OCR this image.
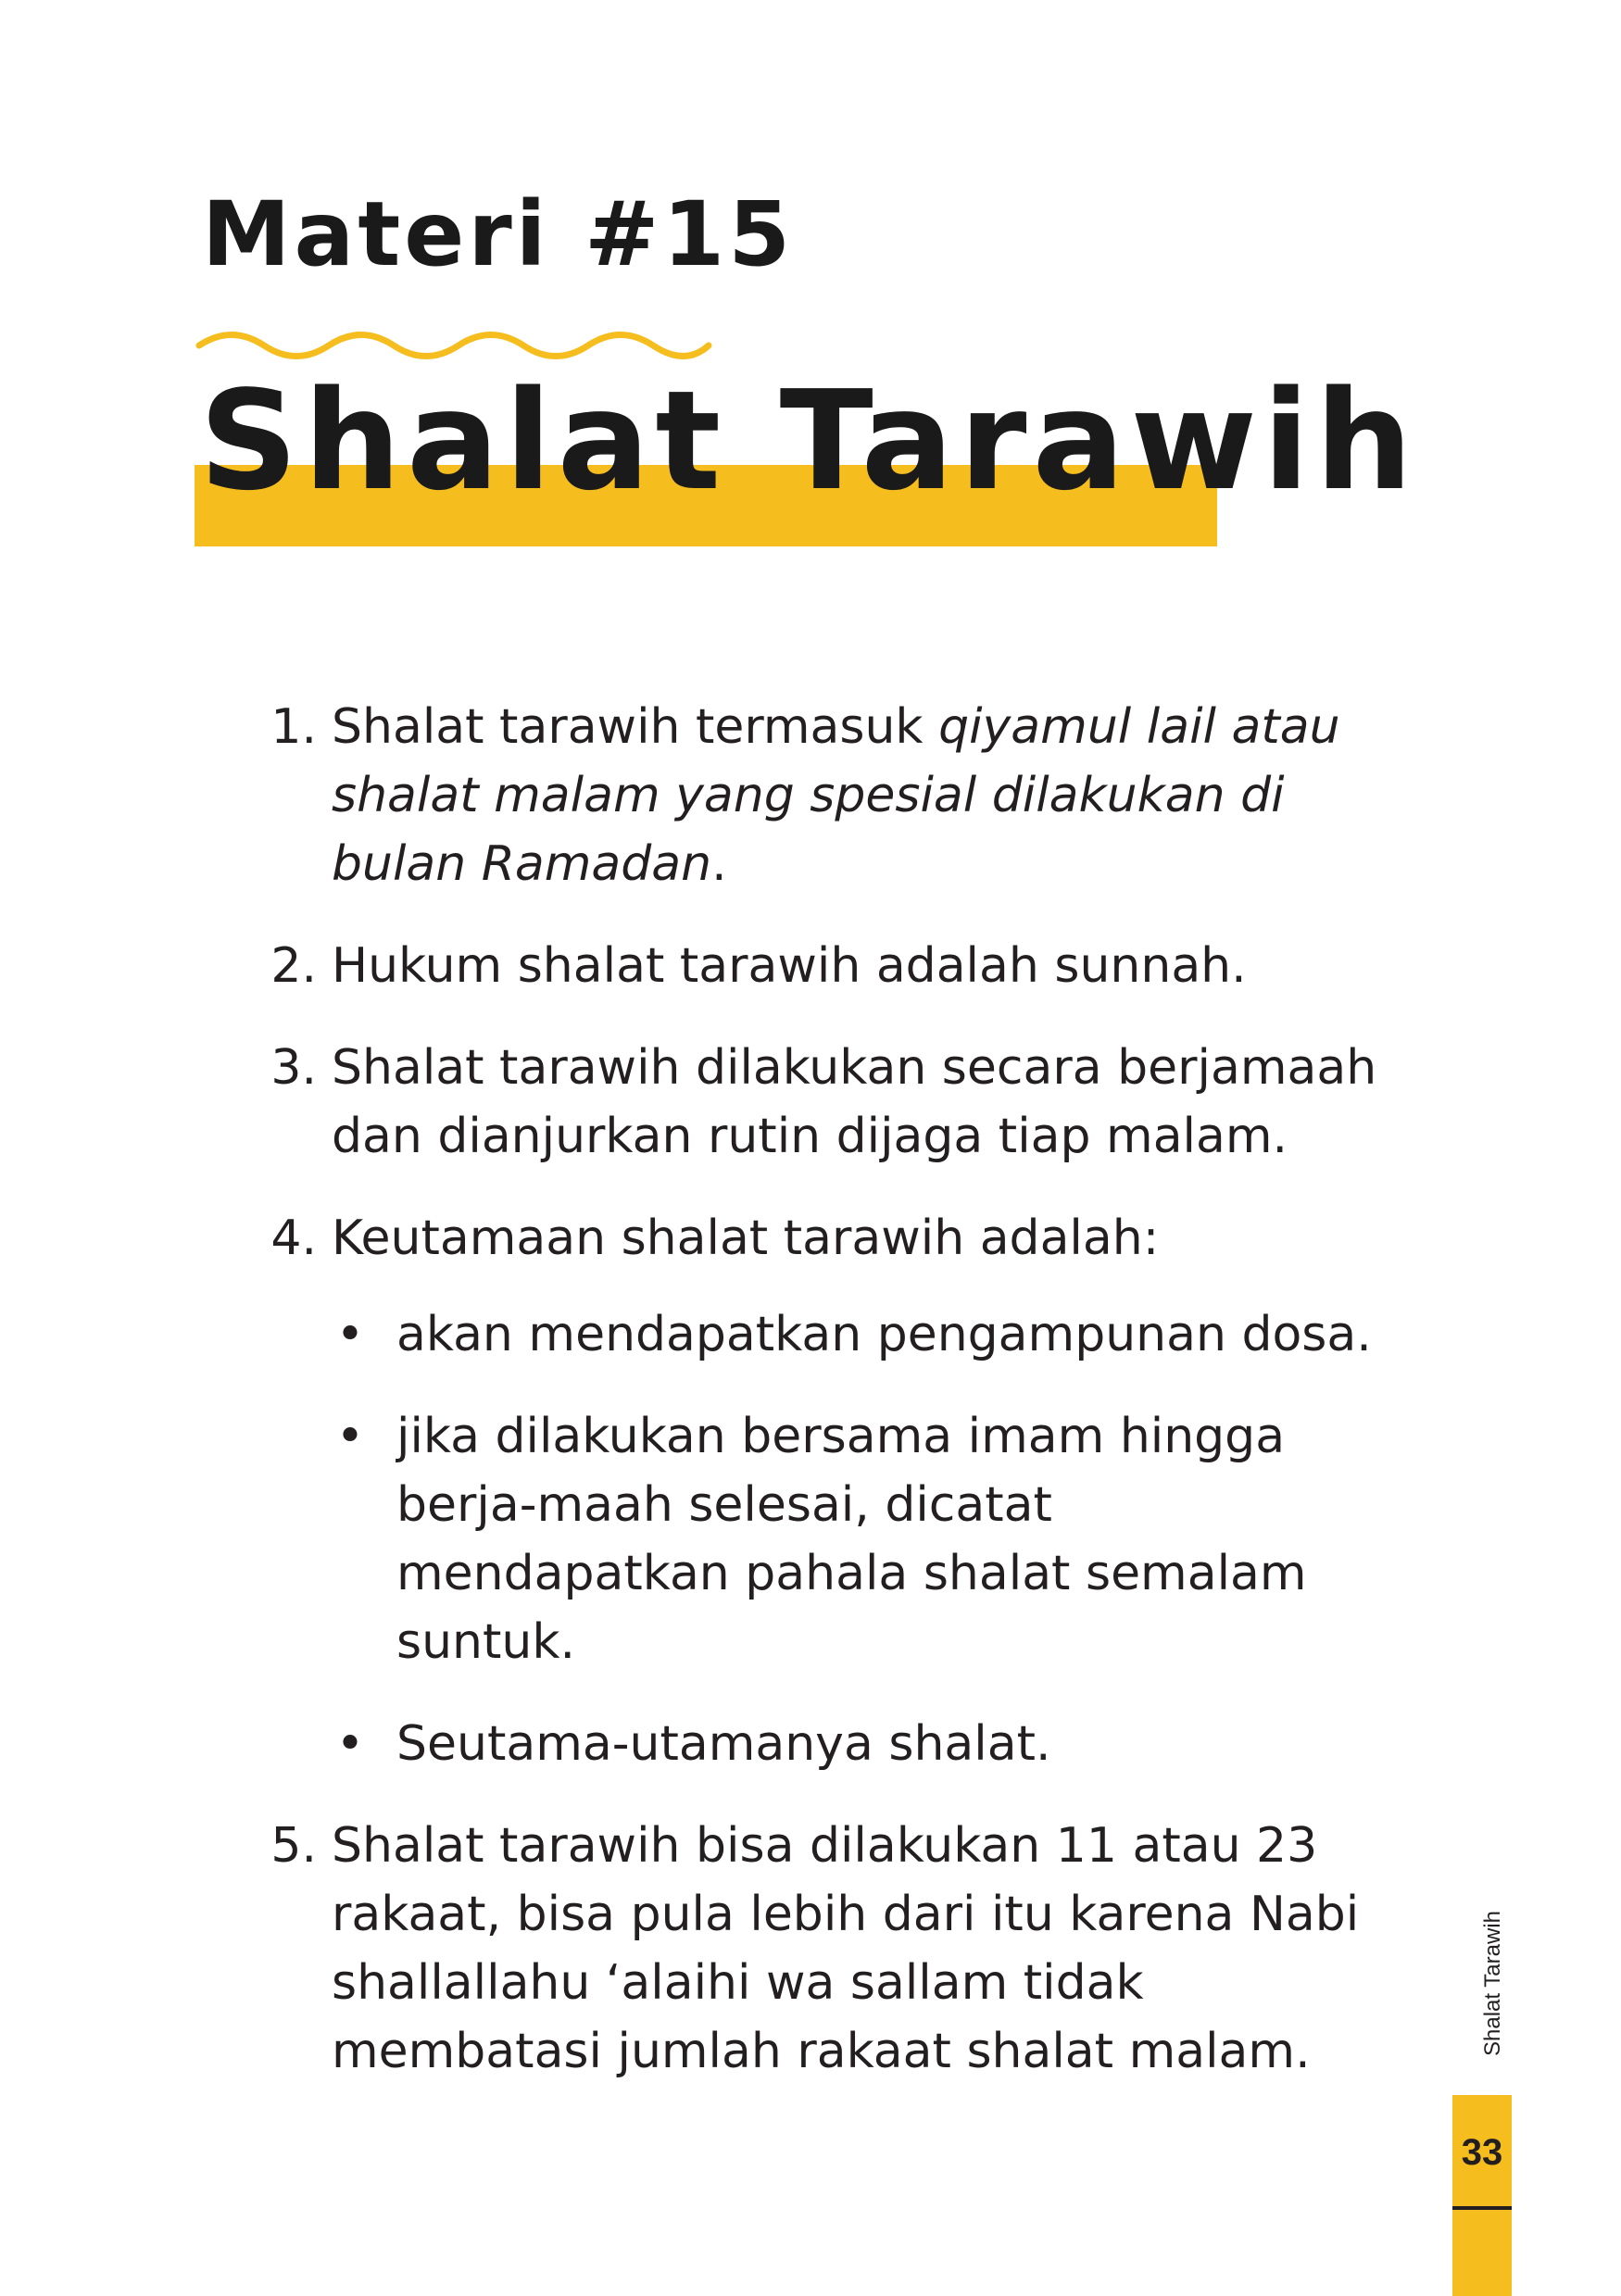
Materi #15
Shalat Tarawih
1. Shalat tarawih termasuk qiyamul lail atau shalat malam yang spesial dilakukan di bulan Ramadan.
2. Hukum shalat tarawih adalah sunnah.
3. Shalat tarawih dilakukan secara berjamaah dan dianjurkan rutin dijaga tiap malam.
4. Keutamaan shalat tarawih adalah:
• akan mendapatkan pengampunan dosa.
• jika dilakukan bersama imam hingga berja-maah selesai, dicatat mendapatkan pahala shalat semalam suntuk.
• Seutama-utamanya shalat.
5. Shalat tarawih bisa dilakukan 11 atau 23 rakaat, bisa pula lebih dari itu karena Nabi shallallahu ‘alaihi wa sallam tidak membatasi jumlah rakaat shalat malam.	Shalat Tarawih
33
